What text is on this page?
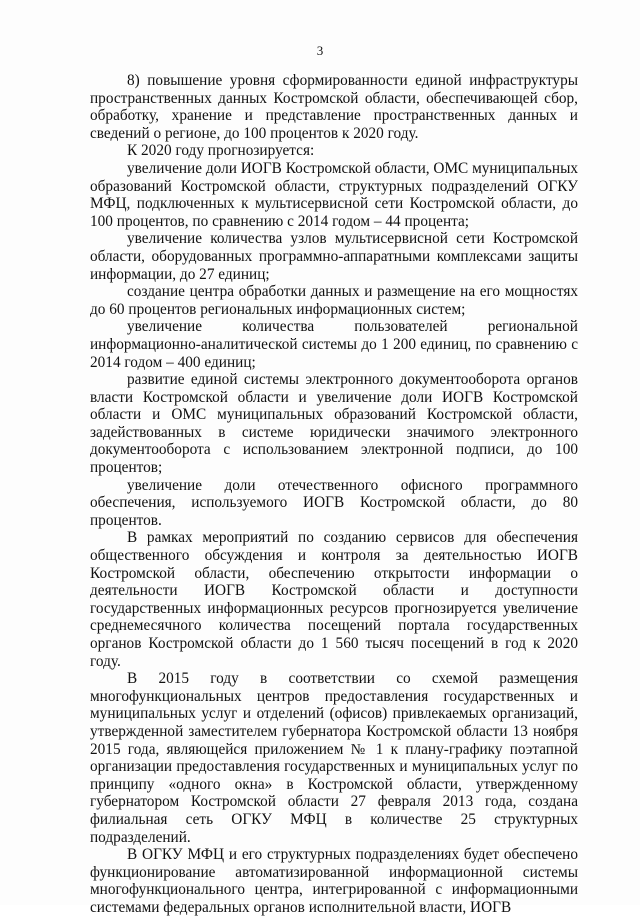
3

8) повышение уровня сформированности единой инфраструктуры пространственных данных Костромской области, обеспечивающей сбор, обработку, хранение и представление пространственных данных и сведений о регионе, до 100 процентов к 2020 году.

К 2020 году прогнозируется:

увеличение доли ИОГВ Костромской области, ОМС муниципальных образований Костромской области, структурных подразделений ОГКУ МФЦ, подключенных к мультисервисной сети Костромской области, до 100 процентов, по сравнению с 2014 годом – 44 процента;

увеличение количества узлов мультисервисной сети Костромской области, оборудованных программно-аппаратными комплексами защиты информации, до 27 единиц;

создание центра обработки данных и размещение на его мощностях до 60 процентов региональных информационных систем;

увеличение количества пользователей региональной информационно-аналитической системы до 1 200 единиц, по сравнению с 2014 годом – 400 единиц;

развитие единой системы электронного документооборота органов власти Костромской области и увеличение доли ИОГВ Костромской области и ОМС муниципальных образований Костромской области, задействованных в системе юридически значимого электронного документооборота с использованием электронной подписи, до 100 процентов;

увеличение доли отечественного офисного программного обеспечения, используемого ИОГВ Костромской области, до 80 процентов.

В рамках мероприятий по созданию сервисов для обеспечения общественного обсуждения и контроля за деятельностью ИОГВ Костромской области, обеспечению открытости информации о деятельности ИОГВ Костромской области и доступности государственных информационных ресурсов прогнозируется увеличение среднемесячного количества посещений портала государственных органов Костромской области до 1 560 тысяч посещений в год к 2020 году.

В 2015 году в соответствии со схемой размещения многофункциональных центров предоставления государственных и муниципальных услуг и отделений (офисов) привлекаемых организаций, утвержденной заместителем губернатора Костромской области 13 ноября 2015 года, являющейся приложением № 1 к плану-графику поэтапной организации предоставления государственных и муниципальных услуг по принципу «одного окна» в Костромской области, утвержденному губернатором Костромской области 27 февраля 2013 года, создана филиальная сеть ОГКУ МФЦ в количестве 25 структурных подразделений.

В ОГКУ МФЦ и его структурных подразделениях будет обеспечено функционирование автоматизированной информационной системы многофункционального центра, интегрированной с информационными системами федеральных органов исполнительной власти, ИОГВ
